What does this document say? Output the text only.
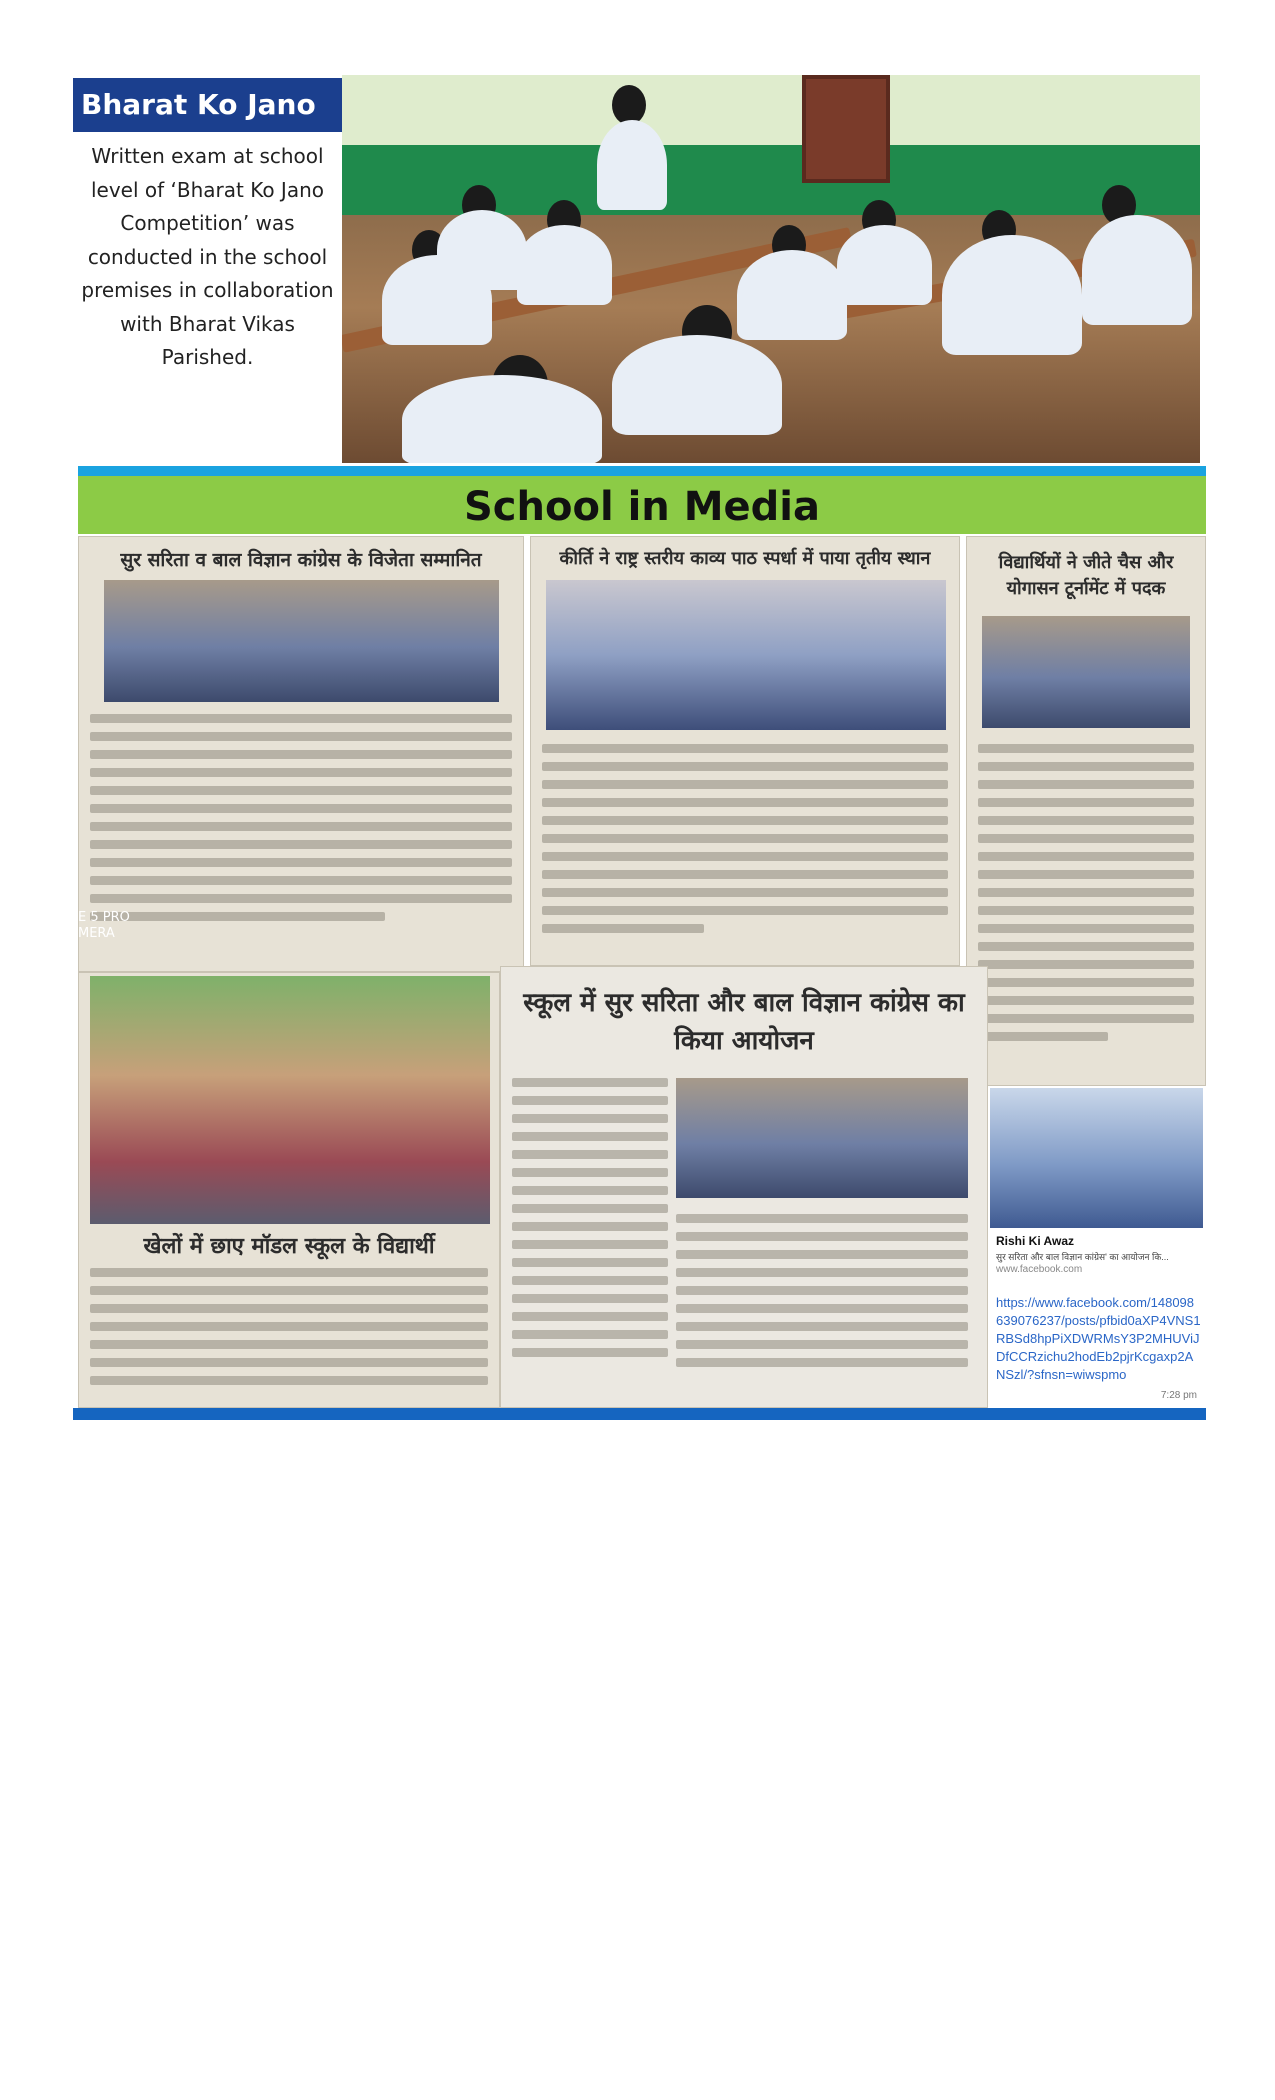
Bharat Ko Jano
Written exam at school level of ‘Bharat Ko Jano Competition’ was conducted in the school premises in collaboration with Bharat Vikas Parished.
School in Media
सुर सरिता व बाल विज्ञान कांग्रेस के विजेता सम्मानित	कीर्ति ने राष्ट्र स्तरीय काव्य पाठ स्पर्धा में पाया तृतीय स्थान	विद्यार्थियों ने जीते चैस और योगासन टूर्नामेंट में पदक
खेलों में छाए मॉडल स्कूल के विद्यार्थी
स्कूल में सुर सरिता और बाल विज्ञान कांग्रेस का किया आयोजन
Rishi Ki Awaz
सुर सरिता और बाल विज्ञान कांग्रेस' का आयोजन कि...
www.facebook.com
https://www.facebook.com/148098639076237/posts/pfbid0aXP4VNS1RBSd8hpPiXDWRMsY3P2MHUViJDfCCRzichu2hodEb2pjrKcgaxp2ANSzl/?sfnsn=wiwspmo
7:28 pm
E 5 PRO
MERA
